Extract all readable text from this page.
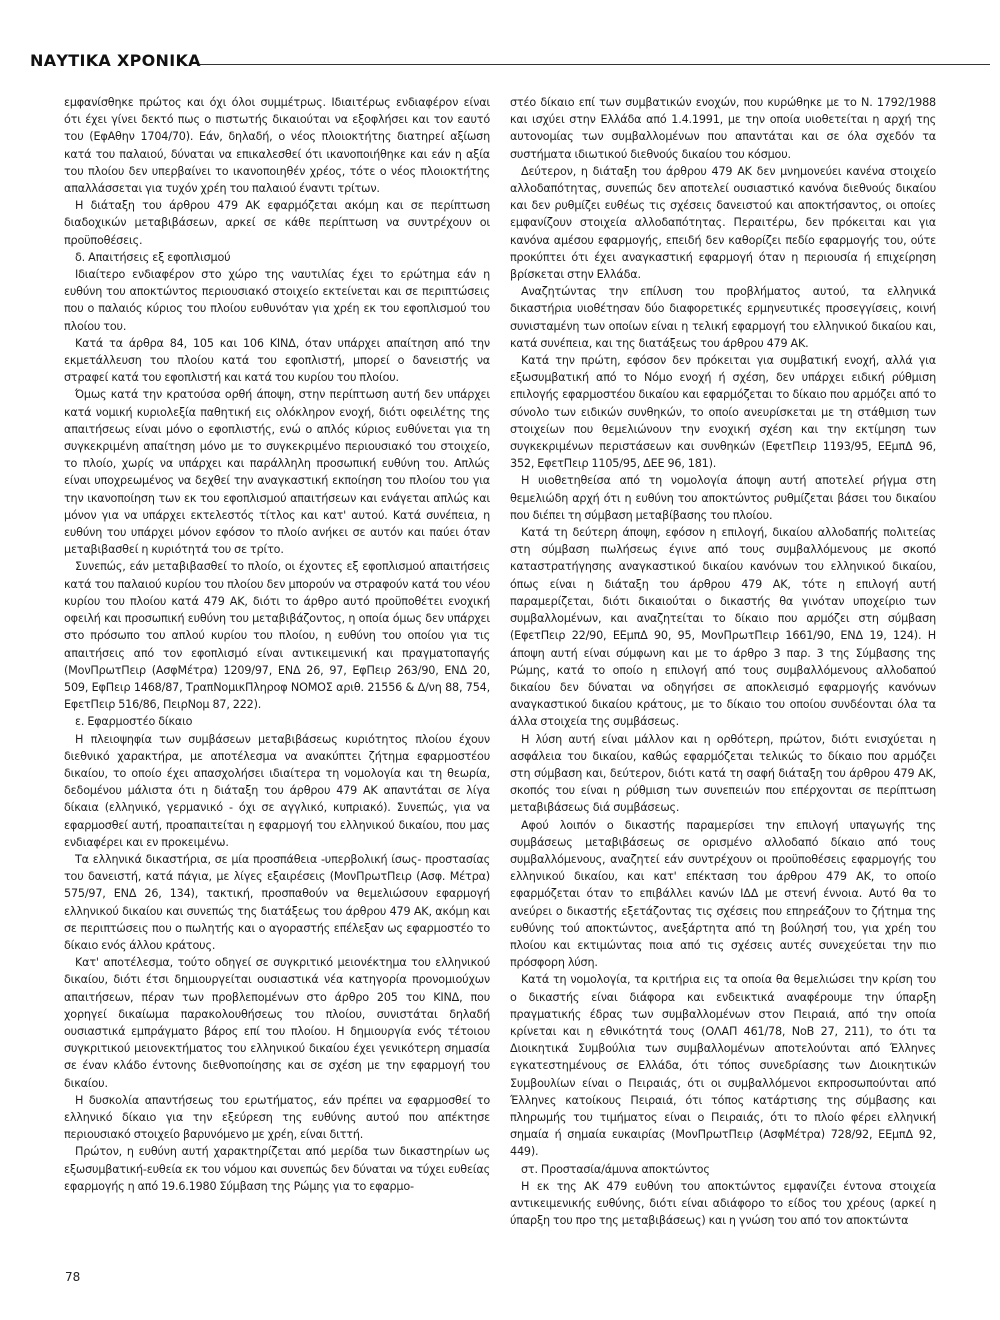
ΝΑΥΤΙΚΑ ΧΡΟΝΙΚΑ

εμφανίσθηκε πρώτος και όχι όλοι συμμέτρως. Ιδιαιτέρως ενδιαφέρον είναι ότι έχει γίνει δεκτό πως ο πιστωτής δικαιούται να εξοφλήσει και τον εαυτό του (ΕφΑθην 1704/70). Εάν, δηλαδή, ο νέος πλοιοκτήτης διατηρεί αξίωση κατά του παλαιού, δύναται να επικαλεσθεί ότι ικανοποιήθηκε και εάν η αξία του πλοίου δεν υπερβαίνει το ικανοποιηθέν χρέος, τότε ο νέος πλοιοκτήτης απαλλάσσεται για τυχόν χρέη του παλαιού έναντι τρίτων.

Η διάταξη του άρθρου 479 ΑΚ εφαρμόζεται ακόμη και σε περίπτωση διαδοχικών μεταβιβάσεων, αρκεί σε κάθε περίπτωση να συντρέχουν οι προϋποθέσεις.

δ. Απαιτήσεις εξ εφοπλισμού

Ιδιαίτερο ενδιαφέρον στο χώρο της ναυτιλίας έχει το ερώτημα εάν η ευθύνη του αποκτώντος περιουσιακό στοιχείο εκτείνεται και σε περιπτώσεις που ο παλαιός κύριος του πλοίου ευθυνόταν για χρέη εκ του εφοπλισμού του πλοίου του.

Κατά τα άρθρα 84, 105 και 106 ΚΙΝΔ, όταν υπάρχει απαίτηση από την εκμετάλλευση του πλοίου κατά του εφοπλιστή, μπορεί ο δανειστής να στραφεί κατά του εφοπλιστή και κατά του κυρίου του πλοίου.

Όμως κατά την κρατούσα ορθή άποψη, στην περίπτωση αυτή δεν υπάρχει κατά νομική κυριολεξία παθητική εις ολόκληρον ενοχή, διότι οφειλέτης της απαιτήσεως είναι μόνο ο εφοπλιστής, ενώ ο απλός κύριος ευθύνεται για τη συγκεκριμένη απαίτηση μόνο με το συγκεκριμένο περιουσιακό του στοιχείο, το πλοίο, χωρίς να υπάρχει και παράλληλη προσωπική ευθύνη του. Απλώς είναι υποχρεωμένος να δεχθεί την αναγκαστική εκποίηση του πλοίου του για την ικανοποίηση των εκ του εφοπλισμού απαιτήσεων και ενάγεται απλώς και μόνον για να υπάρχει εκτελεστός τίτλος και κατ' αυτού. Κατά συνέπεια, η ευθύνη του υπάρχει μόνον εφόσον το πλοίο ανήκει σε αυτόν και παύει όταν μεταβιβασθεί η κυριότητά του σε τρίτο.

Συνεπώς, εάν μεταβιβασθεί το πλοίο, οι έχοντες εξ εφοπλισμού απαιτήσεις κατά του παλαιού κυρίου του πλοίου δεν μπορούν να στραφούν κατά του νέου κυρίου του πλοίου κατά 479 ΑΚ, διότι το άρθρο αυτό προϋποθέτει ενοχική οφειλή και προσωπική ευθύνη του μεταβιβάζοντος, η οποία όμως δεν υπάρχει στο πρόσωπο του απλού κυρίου του πλοίου, η ευθύνη του οποίου για τις απαιτήσεις από τον εφοπλισμό είναι αντικειμενική και πραγματοπαγής (ΜονΠρωτΠειρ (ΑσφΜέτρα) 1209/97, ΕΝΔ 26, 97, ΕφΠειρ 263/90, ΕΝΔ 20, 509, ΕφΠειρ 1468/87, ΤραπΝομικΠληροφ ΝΟΜΟΣ αριθ. 21556 & Δ/νη 88, 754, ΕφετΠειρ 516/86, ΠειρΝομ 87, 222).

ε. Εφαρμοστέο δίκαιο

Η πλειοψηφία των συμβάσεων μεταβιβάσεως κυριότητος πλοίου έχουν διεθνικό χαρακτήρα, με αποτέλεσμα να ανακύπτει ζήτημα εφαρμοστέου δικαίου, το οποίο έχει απασχολήσει ιδιαίτερα τη νομολογία και τη θεωρία, δεδομένου μάλιστα ότι η διάταξη του άρθρου 479 ΑΚ απαντάται σε λίγα δίκαια (ελληνικό, γερμανικό - όχι σε αγγλικό, κυπριακό). Συνεπώς, για να εφαρμοσθεί αυτή, προαπαιτείται η εφαρμογή του ελληνικού δικαίου, που μας ενδιαφέρει και εν προκειμένω.

Τα ελληνικά δικαστήρια, σε μία προσπάθεια -υπερβολική ίσως- προστασίας του δανειστή, κατά πάγια, με λίγες εξαιρέσεις (ΜονΠρωτΠειρ (Ασφ. Μέτρα) 575/97, ΕΝΔ 26, 134), τακτική, προσπαθούν να θεμελιώσουν εφαρμογή ελληνικού δικαίου και συνεπώς της διατάξεως του άρθρου 479 ΑΚ, ακόμη και σε περιπτώσεις που ο πωλητής και ο αγοραστής επέλεξαν ως εφαρμοστέο το δίκαιο ενός άλλου κράτους.

Κατ' αποτέλεσμα, τούτο οδηγεί σε συγκριτικό μειονέκτημα του ελληνικού δικαίου, διότι έτσι δημιουργείται ουσιαστικά νέα κατηγορία προνομιούχων απαιτήσεων, πέραν των προβλεπομένων στο άρθρο 205 του ΚΙΝΔ, που χορηγεί δικαίωμα παρακολουθήσεως του πλοίου, συνιστάται δηλαδή ουσιαστικά εμπράγματο βάρος επί του πλοίου. Η δημιουργία ενός τέτοιου συγκριτικού μειονεκτήματος του ελληνικού δικαίου έχει γενικότερη σημασία σε έναν κλάδο έντονης διεθνοποίησης και σε σχέση με την εφαρμογή του δικαίου.

Η δυσκολία απαντήσεως του ερωτήματος, εάν πρέπει να εφαρμοσθεί το ελληνικό δίκαιο για την εξεύρεση της ευθύνης αυτού που απέκτησε περιουσιακό στοιχείο βαρυνόμενο με χρέη, είναι διττή.

Πρώτον, η ευθύνη αυτή χαρακτηρίζεται από μερίδα των δικαστηρίων ως εξωσυμβατική-ευθεία εκ του νόμου και συνεπώς δεν δύναται να τύχει ευθείας εφαρμογής η από 19.6.1980 Σύμβαση της Ρώμης για το εφαρμο-

στέο δίκαιο επί των συμβατικών ενοχών, που κυρώθηκε με το Ν. 1792/1988 και ισχύει στην Ελλάδα από 1.4.1991, με την οποία υιοθετείται η αρχή της αυτονομίας των συμβαλλομένων που απαντάται και σε όλα σχεδόν τα συστήματα ιδιωτικού διεθνούς δικαίου του κόσμου.

Δεύτερον, η διάταξη του άρθρου 479 ΑΚ δεν μνημονεύει κανένα στοιχείο αλλοδαπότητας, συνεπώς δεν αποτελεί ουσιαστικό κανόνα διεθνούς δικαίου και δεν ρυθμίζει ευθέως τις σχέσεις δανειστού και αποκτήσαντος, οι οποίες εμφανίζουν στοιχεία αλλοδαπότητας. Περαιτέρω, δεν πρόκειται και για κανόνα αμέσου εφαρμογής, επειδή δεν καθορίζει πεδίο εφαρμογής του, ούτε προκύπτει ότι έχει αναγκαστική εφαρμογή όταν η περιουσία ή επιχείρηση βρίσκεται στην Ελλάδα.

Αναζητώντας την επίλυση του προβλήματος αυτού, τα ελληνικά δικαστήρια υιοθέτησαν δύο διαφορετικές ερμηνευτικές προσεγγίσεις, κοινή συνισταμένη των οποίων είναι η τελική εφαρμογή του ελληνικού δικαίου και, κατά συνέπεια, και της διατάξεως του άρθρου 479 ΑΚ.

Κατά την πρώτη, εφόσον δεν πρόκειται για συμβατική ενοχή, αλλά για εξωσυμβατική από το Νόμο ενοχή ή σχέση, δεν υπάρχει ειδική ρύθμιση επιλογής εφαρμοστέου δικαίου και εφαρμόζεται το δίκαιο που αρμόζει από το σύνολο των ειδικών συνθηκών, το οποίο ανευρίσκεται με τη στάθμιση των στοιχείων που θεμελιώνουν την ενοχική σχέση και την εκτίμηση των συγκεκριμένων περιστάσεων και συνθηκών (ΕφετΠειρ 1193/95, ΕΕμπΔ 96, 352, ΕφετΠειρ 1105/95, ΔΕΕ 96, 181).

Η υιοθετηθείσα από τη νομολογία άποψη αυτή αποτελεί ρήγμα στη θεμελιώδη αρχή ότι η ευθύνη του αποκτώντος ρυθμίζεται βάσει του δικαίου που διέπει τη σύμβαση μεταβίβασης του πλοίου.

Κατά τη δεύτερη άποψη, εφόσον η επιλογή, δικαίου αλλοδαπής πολιτείας στη σύμβαση πωλήσεως έγινε από τους συμβαλλόμενους με σκοπό καταστρατήγησης αναγκαστικού δικαίου κανόνων του ελληνικού δικαίου, όπως είναι η διάταξη του άρθρου 479 ΑΚ, τότε η επιλογή αυτή παραμερίζεται, διότι δικαιούται ο δικαστής θα γινόταν υποχείριο των συμβαλλομένων, και αναζητείται το δίκαιο που αρμόζει στη σύμβαση (ΕφετΠειρ 22/90, ΕΕμπΔ 90, 95, ΜονΠρωτΠειρ 1661/90, ΕΝΔ 19, 124). Η άποψη αυτή είναι σύμφωνη και με το άρθρο 3 παρ. 3 της Σύμβασης της Ρώμης, κατά το οποίο η επιλογή από τους συμβαλλόμενους αλλοδαπού δικαίου δεν δύναται να οδηγήσει σε αποκλεισμό εφαρμογής κανόνων αναγκαστικού δικαίου κράτους, με το δίκαιο του οποίου συνδέονται όλα τα άλλα στοιχεία της συμβάσεως.

Η λύση αυτή είναι μάλλον και η ορθότερη, πρώτον, διότι ενισχύεται η ασφάλεια του δικαίου, καθώς εφαρμόζεται τελικώς το δίκαιο που αρμόζει στη σύμβαση και, δεύτερον, διότι κατά τη σαφή διάταξη του άρθρου 479 ΑΚ, σκοπός του είναι η ρύθμιση των συνεπειών που επέρχονται σε περίπτωση μεταβιβάσεως διά συμβάσεως.

Αφού λοιπόν ο δικαστής παραμερίσει την επιλογή υπαγωγής της συμβάσεως μεταβιβάσεως σε ορισμένο αλλοδαπό δίκαιο από τους συμβαλλόμενους, αναζητεί εάν συντρέχουν οι προϋποθέσεις εφαρμογής του ελληνικού δικαίου, και κατ' επέκταση του άρθρου 479 ΑΚ, το οποίο εφαρμόζεται όταν το επιβάλλει κανών ΙΔΔ με στενή έννοια. Αυτό θα το ανεύρει ο δικαστής εξετάζοντας τις σχέσεις που επηρεάζουν το ζήτημα της ευθύνης τού αποκτώντος, ανεξάρτητα από τη βούλησή του, για χρέη του πλοίου και εκτιμώντας ποια από τις σχέσεις αυτές συνεχεύεται την πιο πρόσφορη λύση.

Κατά τη νομολογία, τα κριτήρια εις τα οποία θα θεμελιώσει την κρίση του ο δικαστής είναι διάφορα και ενδεικτικά αναφέρουμε την ύπαρξη πραγματικής έδρας των συμβαλλομένων στον Πειραιά, από την οποία κρίνεται και η εθνικότητά τους (ΟΛΑΠ 461/78, ΝοΒ 27, 211), το ότι τα Διοικητικά Συμβούλια των συμβαλλομένων αποτελούνται από Έλληνες εγκατεστημένους σε Ελλάδα, ότι τόπος συνεδρίασης των Διοικητικών Συμβουλίων είναι ο Πειραιάς, ότι οι συμβαλλόμενοι εκπροσωπούνται από Έλληνες κατοίκους Πειραιά, ότι τόπος κατάρτισης της σύμβασης και πληρωμής του τιμήματος είναι ο Πειραιάς, ότι το πλοίο φέρει ελληνική σημαία ή σημαία ευκαιρίας (ΜονΠρωτΠειρ (ΑσφΜέτρα) 728/92, ΕΕμπΔ 92, 449).

στ. Προστασία/άμυνα αποκτώντος

Η εκ της ΑΚ 479 ευθύνη του αποκτώντος εμφανίζει έντονα στοιχεία αντικειμενικής ευθύνης, διότι είναι αδιάφορο το είδος του χρέους (αρκεί η ύπαρξη του προ της μεταβιβάσεως) και η γνώση του από τον αποκτώντα

78
